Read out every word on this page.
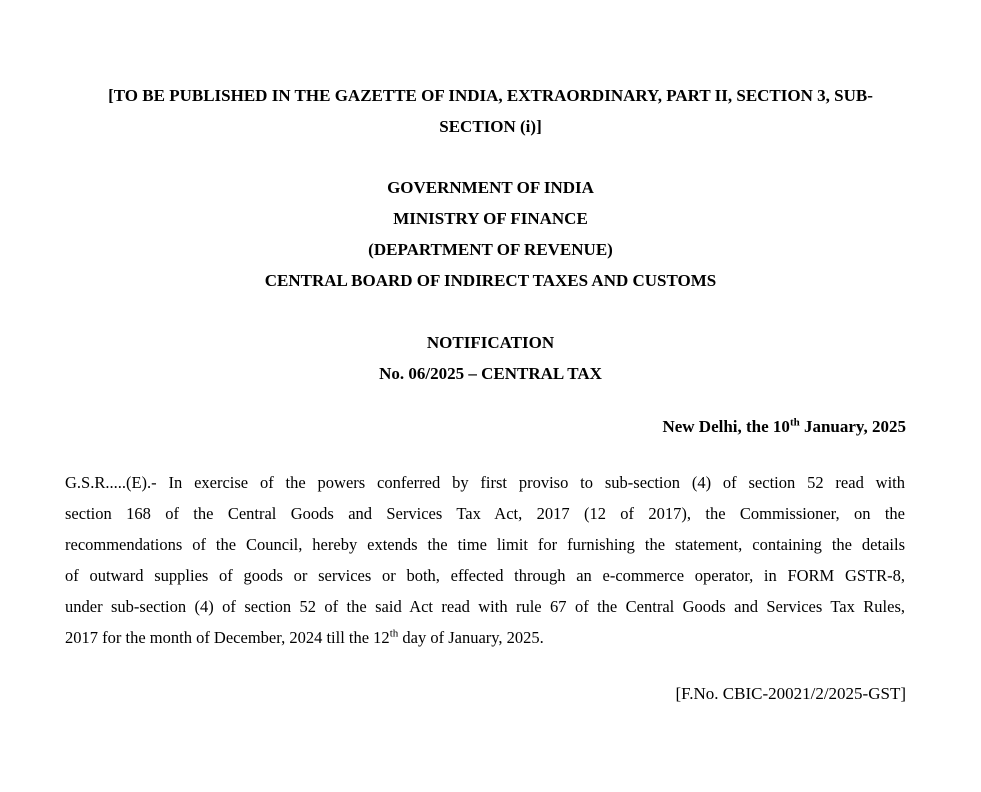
[TO BE PUBLISHED IN THE GAZETTE OF INDIA, EXTRAORDINARY, PART II, SECTION 3, SUB-
SECTION (i)]
GOVERNMENT OF INDIA
MINISTRY OF FINANCE
(DEPARTMENT OF REVENUE)
CENTRAL BOARD OF INDIRECT TAXES AND CUSTOMS
NOTIFICATION
No. 06/2025 – CENTRAL TAX
New Delhi, the 10th January, 2025
G.S.R.....(E).- In exercise of the powers conferred by first proviso to sub-section (4) of section 52 read with
section 168 of the Central Goods and Services Tax Act, 2017 (12 of 2017), the Commissioner, on the
recommendations of the Council, hereby extends the time limit for furnishing the statement, containing the details
of outward supplies of goods or services or both, effected through an e-commerce operator, in FORM GSTR-8,
under sub-section (4) of section 52 of the said Act read with rule 67 of the Central Goods and Services Tax Rules,
2017 for the month of December, 2024 till the 12th day of January, 2025.
[F.No. CBIC-20021/2/2025-GST]
